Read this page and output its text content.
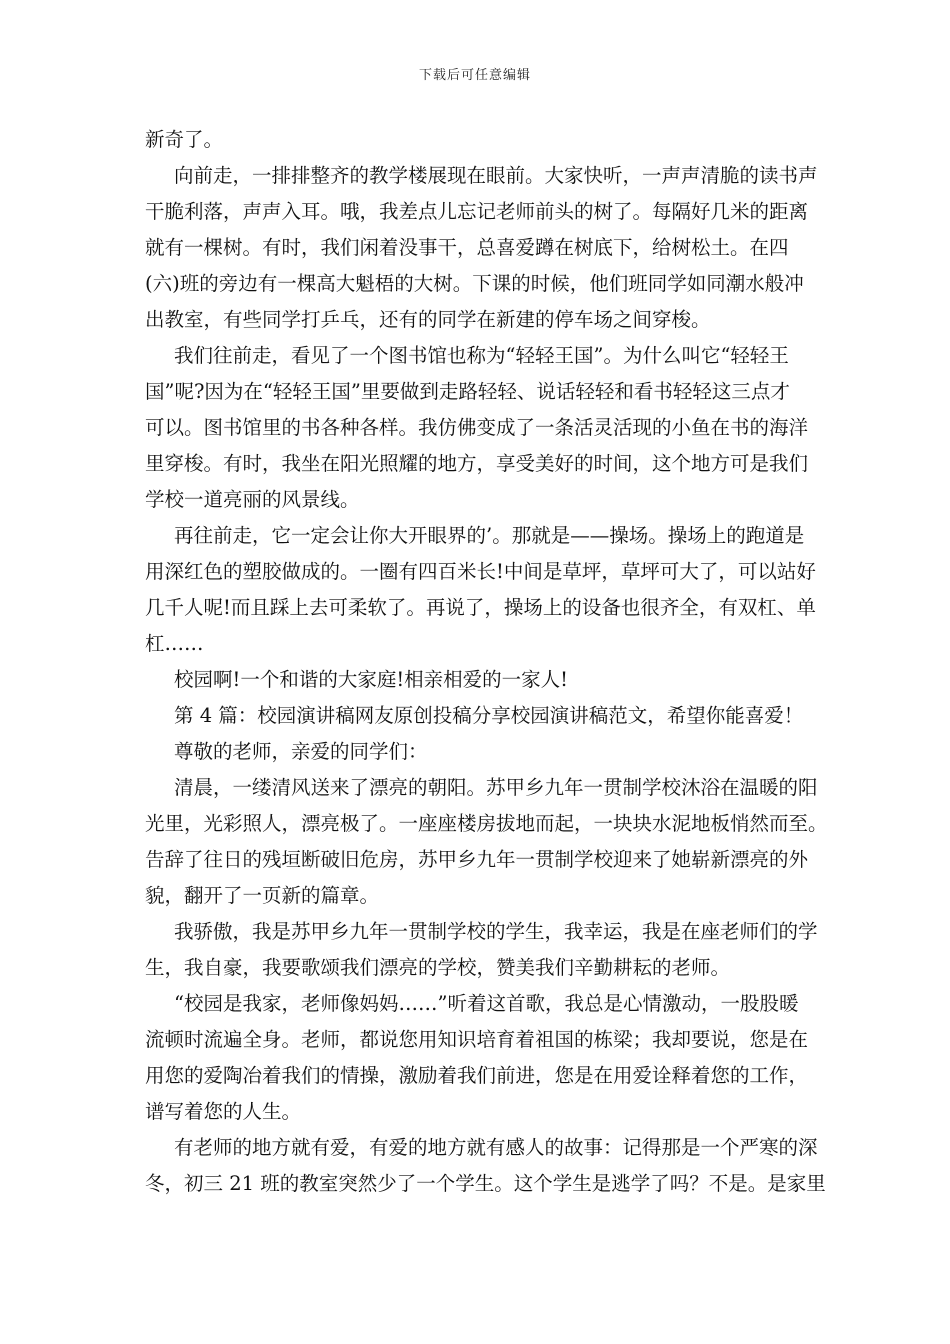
下载后可任意编辑
新奇了。
向前走，一排排整齐的教学楼展现在眼前。大家快听，一声声清脆的读书声
干脆利落，声声入耳。哦，我差点儿忘记老师前头的树了。每隔好几米的距离
就有一棵树。有时，我们闲着没事干，总喜爱蹲在树底下，给树松土。在四
(六)班的旁边有一棵高大魁梧的大树。下课的时候，他们班同学如同潮水般冲
出教室，有些同学打乒乓，还有的同学在新建的停车场之间穿梭。
我们往前走，看见了一个图书馆也称为“轻轻王国”。为什么叫它“轻轻王
国”呢?因为在“轻轻王国”里要做到走路轻轻、说话轻轻和看书轻轻这三点才
可以。图书馆里的书各种各样。我仿佛变成了一条活灵活现的小鱼在书的海洋
里穿梭。有时，我坐在阳光照耀的地方，享受美好的时间，这个地方可是我们
学校一道亮丽的风景线。
再往前走，它一定会让你大开眼界的’。那就是——操场。操场上的跑道是
用深红色的塑胶做成的。一圈有四百米长!中间是草坪，草坪可大了，可以站好
几千人呢!而且踩上去可柔软了。再说了，操场上的设备也很齐全，有双杠、单
杠……
校园啊!一个和谐的大家庭!相亲相爱的一家人!
第 4 篇：校园演讲稿网友原创投稿分享校园演讲稿范文，希望你能喜爱！
尊敬的老师，亲爱的同学们：
清晨，一缕清风送来了漂亮的朝阳。苏甲乡九年一贯制学校沐浴在温暖的阳
光里，光彩照人，漂亮极了。一座座楼房拔地而起，一块块水泥地板悄然而至。
告辞了往日的残垣断破旧危房，苏甲乡九年一贯制学校迎来了她崭新漂亮的外
貌，翻开了一页新的篇章。
我骄傲，我是苏甲乡九年一贯制学校的学生，我幸运，我是在座老师们的学
生，我自豪，我要歌颂我们漂亮的学校，赞美我们辛勤耕耘的老师。
“校园是我家，老师像妈妈……”听着这首歌，我总是心情激动，一股股暖
流顿时流遍全身。老师，都说您用知识培育着祖国的栋梁；我却要说，您是在
用您的爱陶冶着我们的情操，激励着我们前进，您是在用爱诠释着您的工作，
谱写着您的人生。
有老师的地方就有爱，有爱的地方就有感人的故事：记得那是一个严寒的深
冬，初三 21 班的教室突然少了一个学生。这个学生是逃学了吗？不是。是家里
